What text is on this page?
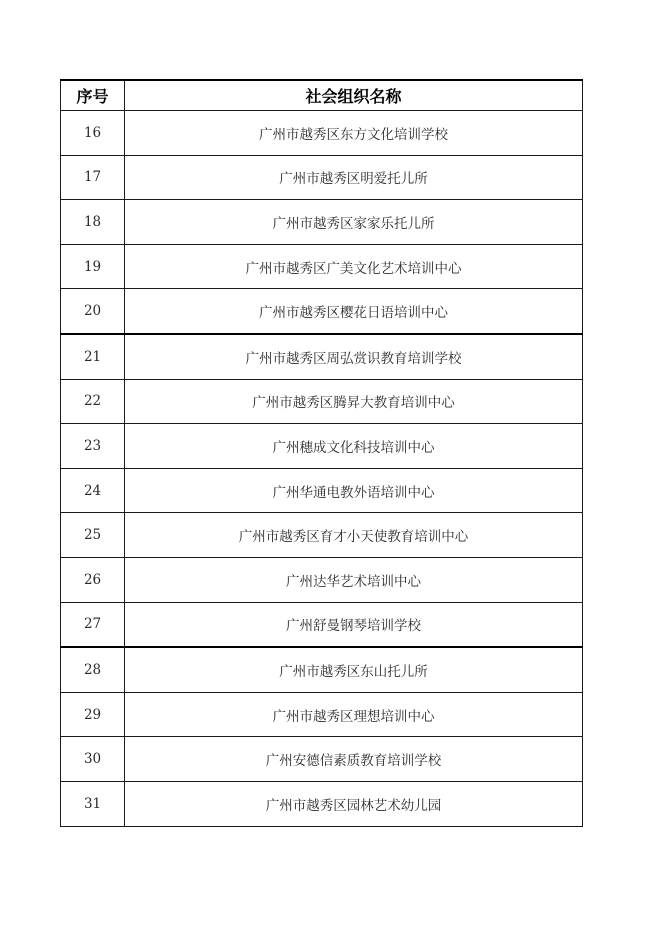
序号	社会组织名称
16	广州市越秀区东方文化培训学校
17	广州市越秀区明爱托儿所
18	广州市越秀区家家乐托儿所
19	广州市越秀区广美文化艺术培训中心
20	广州市越秀区樱花日语培训中心
21	广州市越秀区周弘赏识教育培训学校
22	广州市越秀区腾昇大教育培训中心
23	广州穗成文化科技培训中心
24	广州华通电教外语培训中心
25	广州市越秀区育才小天使教育培训中心
26	广州达华艺术培训中心
27	广州舒曼钢琴培训学校
28	广州市越秀区东山托儿所
29	广州市越秀区理想培训中心
30	广州安德信素质教育培训学校
31	广州市越秀区园林艺术幼儿园
